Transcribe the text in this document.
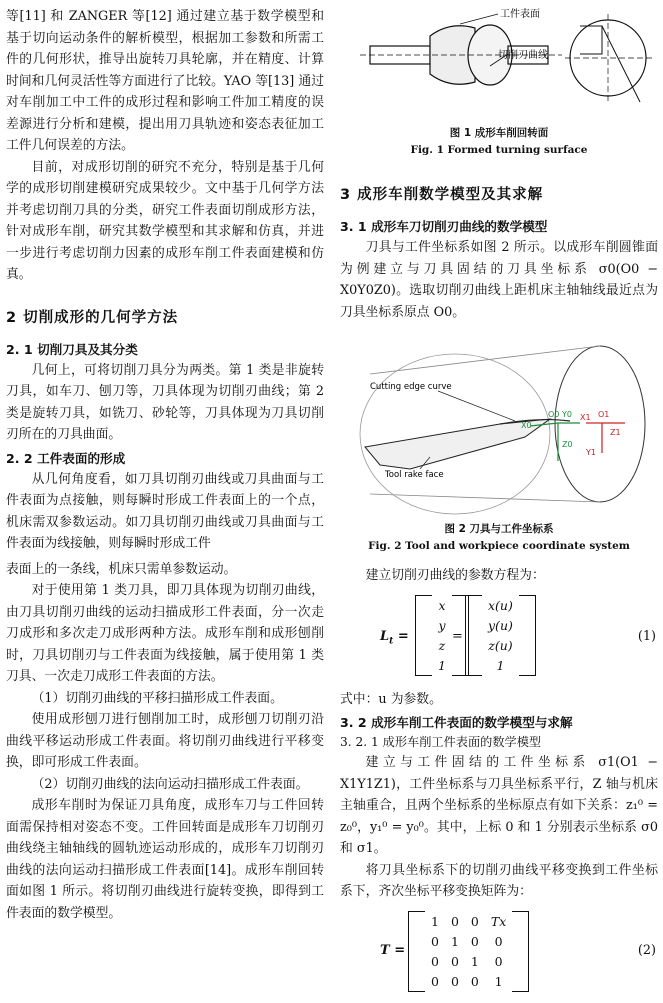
等[11] 和 ZANGER 等[12] 通过建立基于数学模型和基于切向运动条件的解析模型，根据加工参数和所需工件的几何形状，推导出旋转刀具轮廓，并在精度、计算时间和几何灵活性等方面进行了比较。YAO 等[13] 通过对车削加工中工件的成形过程和影响工件加工精度的误差源进行分析和建模，提出用刀具轨迹和姿态表征加工工件几何误差的方法。

目前，对成形切削的研究不充分，特别是基于几何学的成形切削建模研究成果较少。文中基于几何学方法并考虑切削刀具的分类，研究工件表面切削成形方法，针对成形车削，研究其数学模型和其求解和仿真，并进一步进行考虑切削力因素的成形车削工件表面建模和仿真。

2 切削成形的几何学方法
2. 1 切削刀具及其分类

几何上，可将切削刀具分为两类。第 1 类是非旋转刀具，如车刀、刨刀等，刀具体现为切削刃曲线；第 2 类是旋转刀具，如铣刀、砂轮等，刀具体现为刀具切削刃所在的刀具曲面。

2. 2 工件表面的形成

从几何角度看，如刀具切削刃曲线或刀具曲面与工件表面为点接触，则每瞬时形成工件表面上的一个点，机床需双参数运动。如刀具切削刃曲线或刀具曲面与工件表面为线接触，则每瞬时形成工件

表面上的一条线，机床只需单参数运动。

对于使用第 1 类刀具，即刀具体现为切削刃曲线，由刀具切削刃曲线的运动扫描成形工件表面，分一次走刀成形和多次走刀成形两种方法。成形车削和成形刨削时，刀具切削刃与工件表面为线接触，属于使用第 1 类刀具、一次走刀成形工件表面的方法。

（1）切削刃曲线的平移扫描形成工件表面。

使用成形刨刀进行刨削加工时，成形刨刀切削刃沿曲线平移运动形成工件表面。将切削刃曲线进行平移变换，即可形成工件表面。

（2）切削刃曲线的法向运动扫描形成工件表面。

成形车削时为保证刀具角度，成形车刀与工件回转面需保持相对姿态不变。工件回转面是成形车刀切削刃曲线绕主轴轴线的圆轨迹运动形成的，成形车刀切削刃曲线的法向运动扫描形成工件表面[14]。成形车削回转面如图 1 所示。将切削刃曲线进行旋转变换，即得到工件表面的数学模型。

工件表面
切削刃曲线
图 1 成形车削回转面
Fig. 1 Formed turning surface
3 成形车削数学模型及其求解
3. 1 成形车刀切削刃曲线的数学模型

刀具与工件坐标系如图 2 所示。以成形车削圆锥面为例建立与刀具固结的刀具坐标系 σ0(O0 − X0Y0Z0)。选取切削刃曲线上距机床主轴轴线最近点为刀具坐标系原点 O0。

Cutting edge curve
Tool rake face
X0
O0 Y0
Z0
X1 O1
Y1
Z1
图 2 刀具与工件坐标系
Fig. 2 Tool and workpiece coordinate system

建立切削刃曲线的参数方程为：

$L_t$ =
	x	
y
z
1
=
	x(u)	
y(u)
z(u)
1
(1)

式中：u 为参数。

3. 2 成形车削工件表面的数学模型与求解
3. 2. 1 成形车削工件表面的数学模型

建立与工件固结的工件坐标系 σ1(O1 − X1Y1Z1)，工件坐标系与刀具坐标系平行，Z 轴与机床主轴重合，且两个坐标系的坐标原点有如下关系：z₁⁰ = z₀⁰，y₁⁰ = y₀⁰。其中，上标 0 和 1 分别表示坐标系 σ0 和 σ1。

将刀具坐标系下的切削刃曲线平移变换到工件坐标系下，齐次坐标平移变换矩阵为：

T =
	1	0	0	Tx	
	0	1	0	0	
	0	0	1	0	
	0	0	0	1	
(2)
